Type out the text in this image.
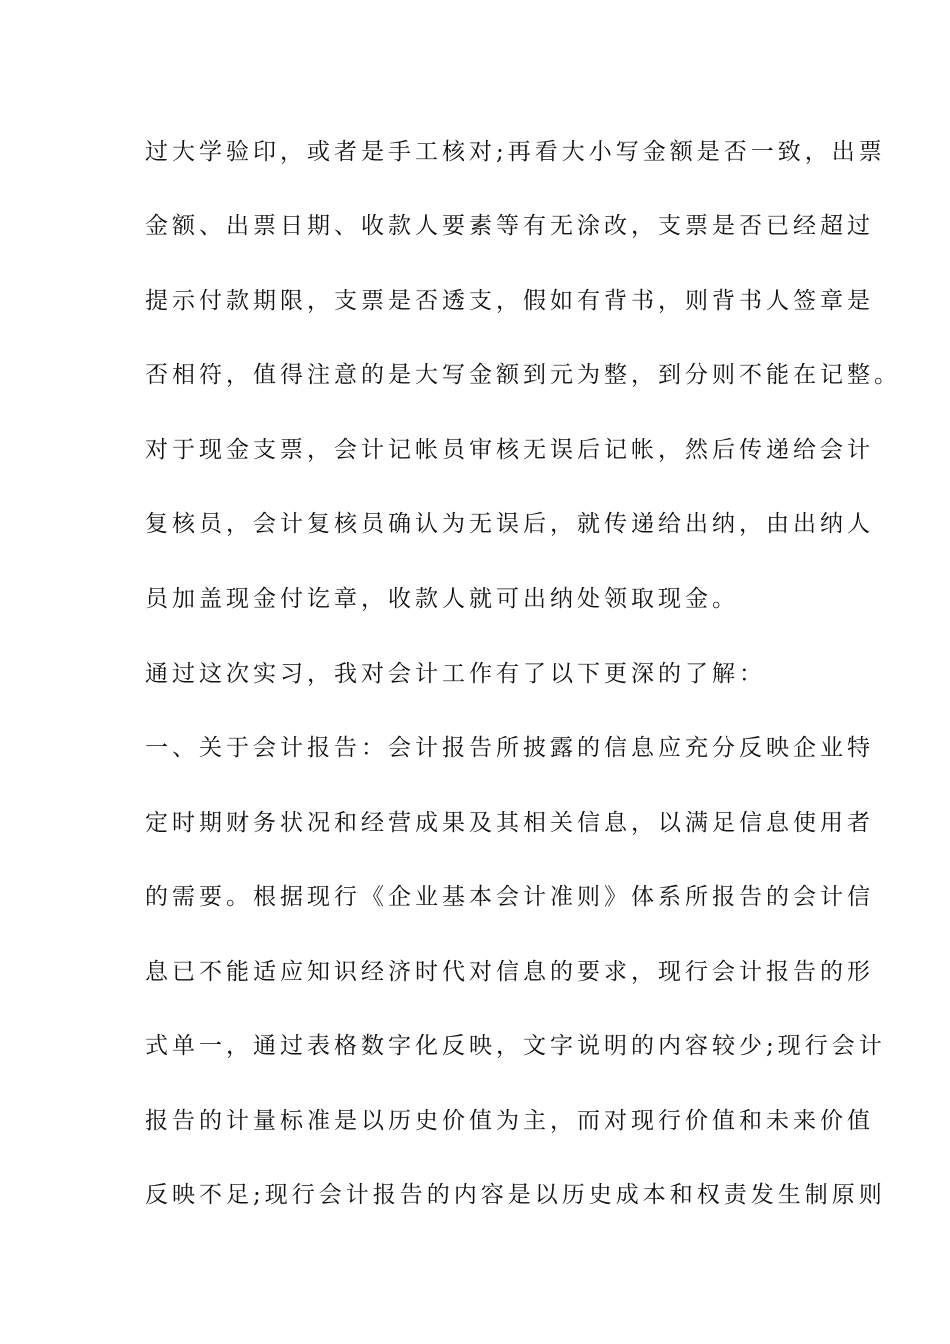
过大学验印，或者是手工核对;再看大小写金额是否一致，出票
金额、出票日期、收款人要素等有无涂改，支票是否已经超过
提示付款期限，支票是否透支，假如有背书，则背书人签章是
否相符，值得注意的是大写金额到元为整，到分则不能在记整。
对于现金支票，会计记帐员审核无误后记帐，然后传递给会计
复核员，会计复核员确认为无误后，就传递给出纳，由出纳人
员加盖现金付讫章，收款人就可出纳处领取现金。
通过这次实习，我对会计工作有了以下更深的了解：
一、关于会计报告：会计报告所披露的信息应充分反映企业特
定时期财务状况和经营成果及其相关信息，以满足信息使用者
的需要。根据现行《企业基本会计准则》体系所报告的会计信
息已不能适应知识经济时代对信息的要求，现行会计报告的形
式单一，通过表格数字化反映，文字说明的内容较少;现行会计
报告的计量标准是以历史价值为主，而对现行价值和未来价值
反映不足;现行会计报告的内容是以历史成本和权责发生制原则
